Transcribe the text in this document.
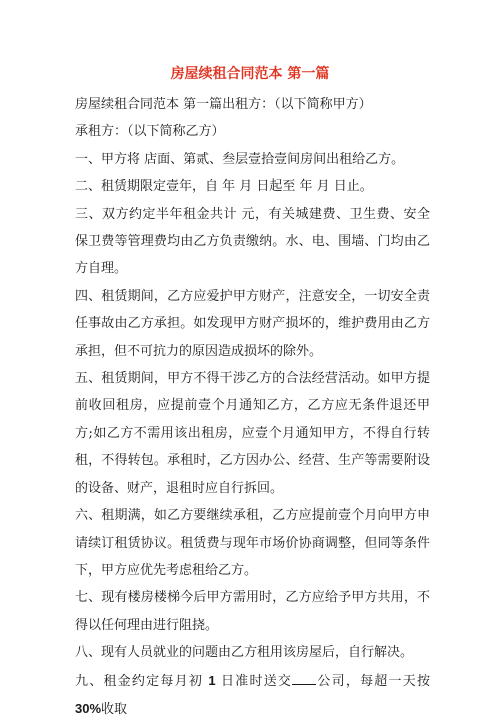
房屋续租合同范本 第一篇

房屋续租合同范本 第一篇出租方：（以下简称甲方）

承租方：（以下简称乙方）

一、甲方将 店面、第贰、叁层壹拾壹间房间出租给乙方。

二、租赁期限定壹年，自 年 月 日起至 年 月 日止。

三、双方约定半年租金共计 元，有关城建费、卫生费、安全保卫费等管理费均由乙方负责缴纳。水、电、围墙、门均由乙方自理。

四、租赁期间，乙方应爱护甲方财产，注意安全，一切安全责任事故由乙方承担。如发现甲方财产损坏的，维护费用由乙方承担，但不可抗力的原因造成损坏的除外。

五、租赁期间，甲方不得干涉乙方的合法经营活动。如甲方提前收回租房，应提前壹个月通知乙方，乙方应无条件退还甲方;如乙方不需用该出租房，应壹个月通知甲方，不得自行转租，不得转包。承租时，乙方因办公、经营、生产等需要附设的设备、财产，退租时应自行拆回。

六、租期满，如乙方要继续承租，乙方应提前壹个月向甲方申请续订租赁协议。租赁费与现年市场价协商调整，但同等条件下，甲方应优先考虑租给乙方。

七、现有楼房楼梯今后甲方需用时，乙方应给予甲方共用，不得以任何理由进行阻挠。

八、现有人员就业的问题由乙方租用该房屋后，自行解决。

九、租金约定每月初 1 日准时送交 公司，每超一天按 30%收取
